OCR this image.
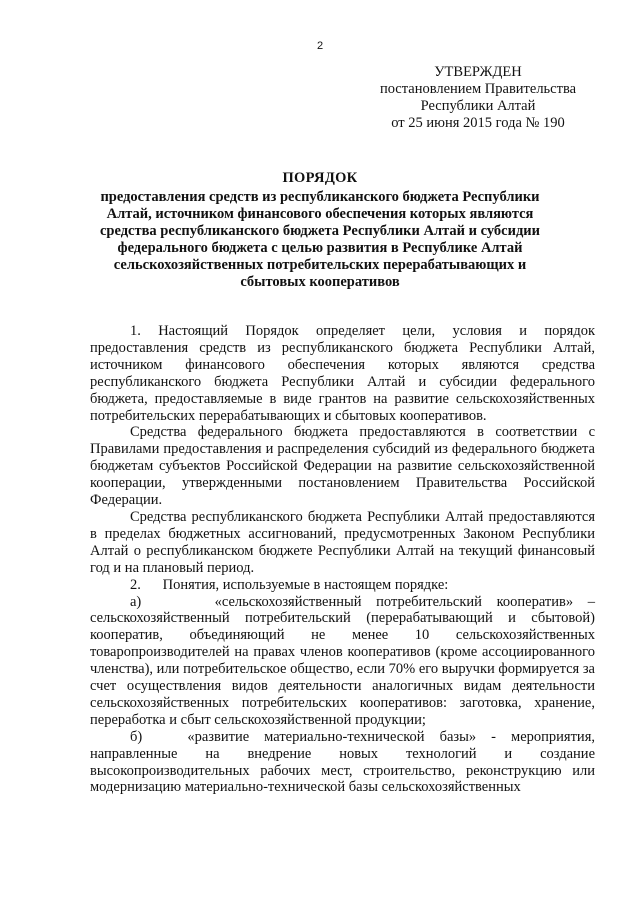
2
УТВЕРЖДЕН
постановлением Правительства
Республики Алтай
от 25 июня 2015 года № 190
ПОРЯДОК
предоставления средств из республиканского бюджета Республики Алтай, источником финансового обеспечения которых являются средства республиканского бюджета Республики Алтай и субсидии федерального бюджета с целью развития в Республике Алтай сельскохозяйственных потребительских перерабатывающих и сбытовых кооперативов

1. Настоящий Порядок определяет цели, условия и порядок предоставления средств из республиканского бюджета Республики Алтай, источником финансового обеспечения которых являются средства республиканского бюджета Республики Алтай и субсидии федерального бюджета, предоставляемые в виде грантов на развитие сельскохозяйственных потребительских перерабатывающих и сбытовых кооперативов.

Средства федерального бюджета предоставляются в соответствии с Правилами предоставления и распределения субсидий из федерального бюджета бюджетам субъектов Российской Федерации на развитие сельскохозяйственной кооперации, утвержденными постановлением Правительства Российской Федерации.

Средства республиканского бюджета Республики Алтай предоставляются в пределах бюджетных ассигнований, предусмотренных Законом Республики Алтай о республиканском бюджете Республики Алтай на текущий финансовый год и на плановый период.

2.      Понятия, используемые в настоящем порядке:

а)     «сельскохозяйственный потребительский кооператив» – сельскохозяйственный потребительский (перерабатывающий и сбытовой) кооператив, объединяющий не менее 10 сельскохозяйственных товаропроизводителей на правах членов кооперативов (кроме ассоциированного членства), или потребительское общество, если 70% его выручки формируется за счет осуществления видов деятельности аналогичных видам деятельности сельскохозяйственных потребительских кооперативов: заготовка, хранение, переработка и сбыт сельскохозяйственной продукции;

б)   «развитие материально-технической базы» - мероприятия, направленные на внедрение новых технологий и создание высокопроизводительных рабочих мест, строительство, реконструкцию или модернизацию материально-технической базы сельскохозяйственных
